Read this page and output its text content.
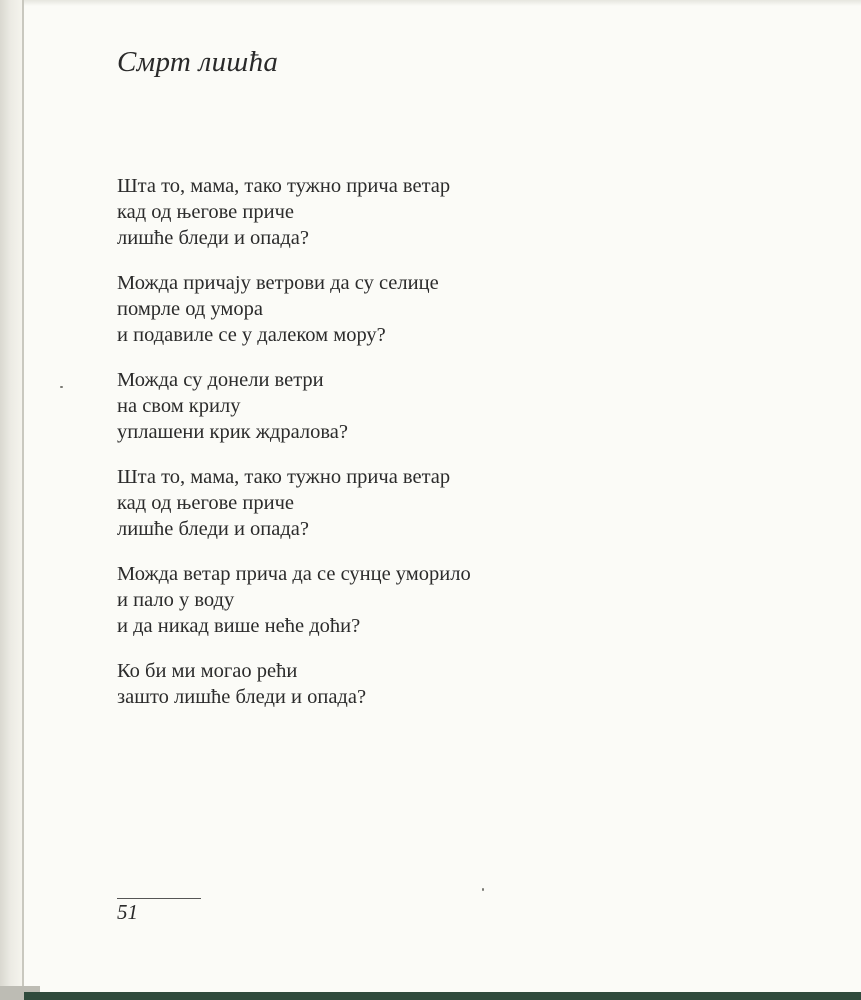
Смрт лишћа
Шта то, мама, тако тужно прича ветар
кад од његове приче
лишће бледи и опада?
Можда причају ветрови да су селице
помрле од умора
и подавиле се у далеком мору?
Можда су донели ветри
на свом крилу
уплашени крик ждралова?
Шта то, мама, тако тужно прича ветар
кад од његове приче
лишће бледи и опада?
Можда ветар прича да се сунце уморило
и пало у воду
и да никад више неће доћи?
Ко би ми могао рећи
зашто лишће бледи и опада?
51
